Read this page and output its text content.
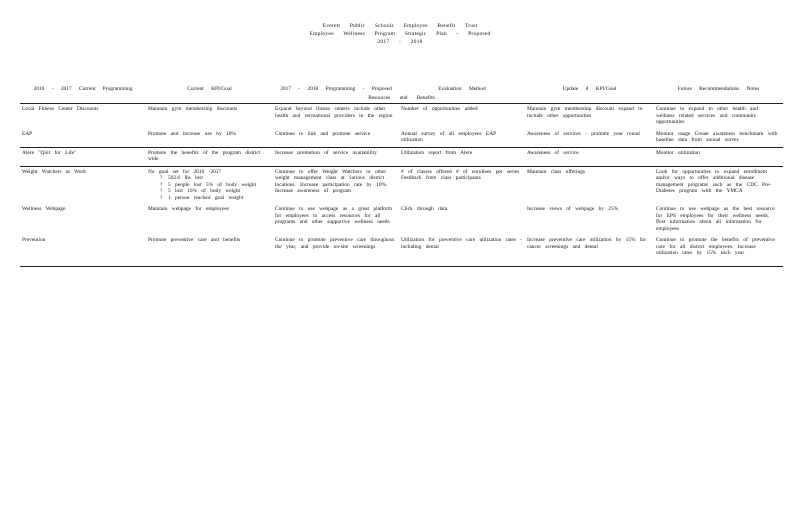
Everett Public Schools Employee Benefit Trust
Employee Wellness Program Strategic Plan - Proposed
2017 - 2018
2016 - 2017 Current Programming	Current KPI/Goal	2017 - 2018 Programming - Proposed	Evaluation Method	Update d KPI/Goal	Future Recommendations Notes
Resources and Benefits					
Local Fitness Center Discounts	Maintain gym membership discounts	Expand beyond fitness centers include other health and recreational providers in the region	Number of opportunities added	Maintain gym membership discount expand to include other opportunities	Continue to expand to other health and wellness related services and community opportunities
EAP	Promote and increase use by 10%	Continue to link and promote service	Annual survey of all employees EAP utilization	Awareness of services - promote year round	Monitor usage Create awareness benchmark with baseline data from annual survey
Alere "Quit for Life"	Promote the benefits of the program district wide	Increase promotion of service availability	Utilization report from Alere	Awareness of service	Monitor utilization
Weight Watchers at Work	No goal set for 2016 -2017
? 502.6 lbs lost
? 5 people lost 5% of body weight
? 5 lost 10% of body weight
? 1 person reached goal weight	Continue to offer Weight Watchers or other weight management class at various district locations. Increase participation rate by 10%. Increase awareness of program	# of classes offered # of enrollees per series Feedback from class participants	Maintain class offerings	Look for opportunities to expand enrollment and/or ways to offer additional disease management programs such as the CDC Pre-Diabetes program with the YMCA
Wellness Webpage	Maintain webpage for employees	Continue to use webpage as a great platform for employees to access resources for all programs and other supportive wellness needs	Click through data	Increase views of webpage by 25%	Continue to use webpage as the best resource for EPS employees for their wellness needs. Post information about all information for employees
Prevention	Promote preventive care and benefits	Continue to promote preventive care throughout the year, and provide on-site screenings	Utilization for preventive care utilization rates - including dental	Increase preventive care utilization by 15% for cancer screenings and dental	Continue to promote the benefits of preventive care for all district employees. Increase utilization rates by 15% each year
